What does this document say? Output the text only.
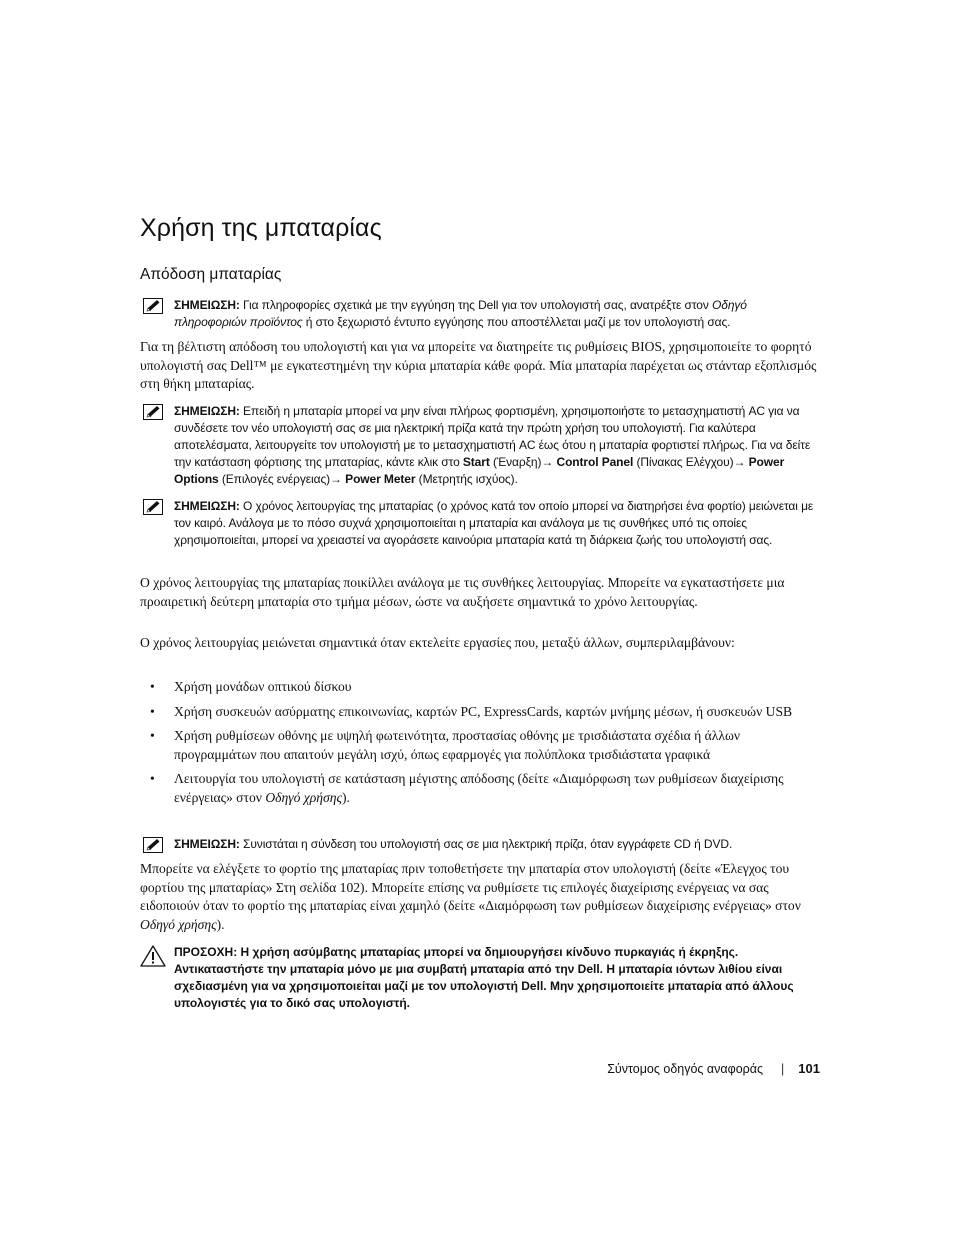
Χρήση της μπαταρίας
Απόδοση μπαταρίας
ΣΗΜΕΙΩΣΗ: Για πληροφορίες σχετικά με την εγγύηση της Dell για τον υπολογιστή σας, ανατρέξτε στον Οδηγό πληροφοριών προϊόντος ή στο ξεχωριστό έντυπο εγγύησης που αποστέλλεται μαζί με τον υπολογιστή σας.

Για τη βέλτιστη απόδοση του υπολογιστή και για να μπορείτε να διατηρείτε τις ρυθμίσεις BIOS, χρησιμοποιείτε το φορητό υπολογιστή σας Dell™ με εγκατεστημένη την κύρια μπαταρία κάθε φορά. Μία μπαταρία παρέχεται ως στάνταρ εξοπλισμός στη θήκη μπαταρίας.

ΣΗΜΕΙΩΣΗ: Επειδή η μπαταρία μπορεί να μην είναι πλήρως φορτισμένη, χρησιμοποιήστε το μετασχηματιστή AC για να συνδέσετε τον νέο υπολογιστή σας σε μια ηλεκτρική πρίζα κατά την πρώτη χρήση του υπολογιστή. Για καλύτερα αποτελέσματα, λειτουργείτε τον υπολογιστή με το μετασχηματιστή AC έως ότου η μπαταρία φορτιστεί πλήρως. Για να δείτε την κατάσταση φόρτισης της μπαταρίας, κάντε κλικ στο Start (Έναρξη)→ Control Panel (Πίνακας Ελέγχου)→ Power Options (Επιλογές ενέργειας)→ Power Meter (Μετρητής ισχύος).
ΣΗΜΕΙΩΣΗ: Ο χρόνος λειτουργίας της μπαταρίας (ο χρόνος κατά τον οποίο μπορεί να διατηρήσει ένα φορτίο) μειώνεται με τον καιρό. Ανάλογα με το πόσο συχνά χρησιμοποιείται η μπαταρία και ανάλογα με τις συνθήκες υπό τις οποίες χρησιμοποιείται, μπορεί να χρειαστεί να αγοράσετε καινούρια μπαταρία κατά τη διάρκεια ζωής του υπολογιστή σας.

Ο χρόνος λειτουργίας της μπαταρίας ποικίλλει ανάλογα με τις συνθήκες λειτουργίας. Μπορείτε να εγκαταστήσετε μια προαιρετική δεύτερη μπαταρία στο τμήμα μέσων, ώστε να αυξήσετε σημαντικά το χρόνο λειτουργίας.

Ο χρόνος λειτουργίας μειώνεται σημαντικά όταν εκτελείτε εργασίες που, μεταξύ άλλων, συμπεριλαμβάνουν:

• Χρήση μονάδων οπτικού δίσκου
• Χρήση συσκευών ασύρματης επικοινωνίας, καρτών PC, ExpressCards, καρτών μνήμης μέσων, ή συσκευών USB
• Χρήση ρυθμίσεων οθόνης με υψηλή φωτεινότητα, προστασίας οθόνης με τρισδιάστατα σχέδια ή άλλων προγραμμάτων που απαιτούν μεγάλη ισχύ, όπως εφαρμογές για πολύπλοκα τρισδιάστατα γραφικά
• Λειτουργία του υπολογιστή σε κατάσταση μέγιστης απόδοσης (δείτε «Διαμόρφωση των ρυθμίσεων διαχείρισης ενέργειας» στον Οδηγό χρήσης).
ΣΗΜΕΙΩΣΗ: Συνιστάται η σύνδεση του υπολογιστή σας σε μια ηλεκτρική πρίζα, όταν εγγράφετε CD ή DVD.

Μπορείτε να ελέγξετε το φορτίο της μπαταρίας πριν τοποθετήσετε την μπαταρία στον υπολογιστή (δείτε «Έλεγχος του φορτίου της μπαταρίας» Στη σελίδα 102). Μπορείτε επίσης να ρυθμίσετε τις επιλογές διαχείρισης ενέργειας να σας ειδοποιούν όταν το φορτίο της μπαταρίας είναι χαμηλό (δείτε «Διαμόρφωση των ρυθμίσεων διαχείρισης ενέργειας» στον Οδηγό χρήσης).

ΠΡΟΣΟΧΗ: Η χρήση ασύμβατης μπαταρίας μπορεί να δημιουργήσει κίνδυνο πυρκαγιάς ή έκρηξης. Αντικαταστήστε την μπαταρία μόνο με μια συμβατή μπαταρία από την Dell. Η μπαταρία ιόντων λιθίου είναι σχεδιασμένη για να χρησιμοποιείται μαζί με τον υπολογιστή Dell. Μην χρησιμοποιείτε μπαταρία από άλλους υπολογιστές για το δικό σας υπολογιστή.
Σύντομος οδηγός αναφοράς | 101
